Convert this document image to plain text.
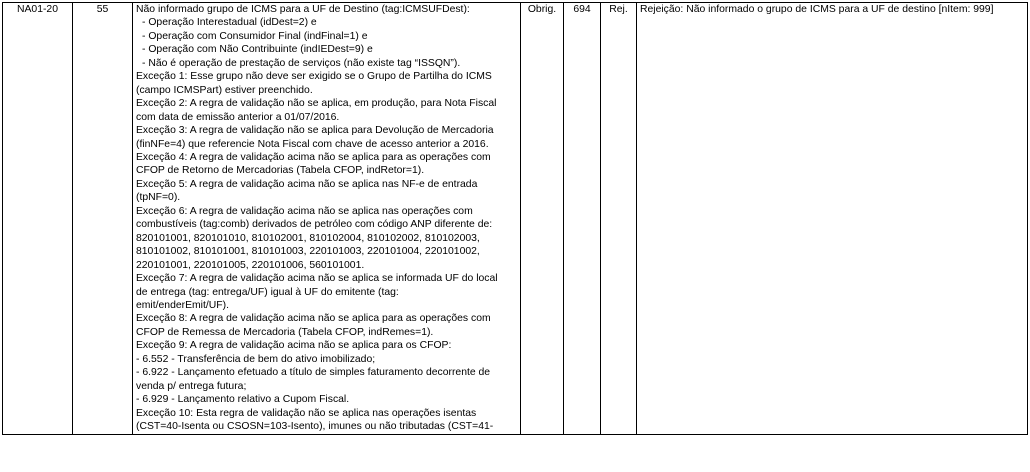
NA01-20	55	Não informado grupo de ICMS para a UF de Destino (tag:ICMSUFDest):
- Operação Interestadual (idDest=2) e
- Operação com Consumidor Final (indFinal=1) e
- Operação com Não Contribuinte (indIEDest=9) e
- Não é operação de prestação de serviços (não existe tag “ISSQN”).
Exceção 1: Esse grupo não deve ser exigido se o Grupo de Partilha do ICMS
(campo ICMSPart) estiver preenchido.
Exceção 2: A regra de validação não se aplica, em produção, para Nota Fiscal
com data de emissão anterior a 01/07/2016.
Exceção 3: A regra de validação não se aplica para Devolução de Mercadoria
(finNFe=4) que referencie Nota Fiscal com chave de acesso anterior a 2016.
Exceção 4: A regra de validação acima não se aplica para as operações com
CFOP de Retorno de Mercadorias (Tabela CFOP, indRetor=1).
Exceção 5: A regra de validação acima não se aplica nas NF-e de entrada
(tpNF=0).
Exceção 6: A regra de validação acima não se aplica nas operações com
combustíveis (tag:comb) derivados de petróleo com código ANP diferente de:
820101001, 820101010, 810102001, 810102004, 810102002, 810102003,
810101002, 810101001, 810101003, 220101003, 220101004, 220101002,
220101001, 220101005, 220101006, 560101001.
Exceção 7: A regra de validação acima não se aplica se informada UF do local
de entrega (tag: entrega/UF) igual à UF do emitente (tag:
emit/enderEmit/UF).
Exceção 8: A regra de validação acima não se aplica para as operações com
CFOP de Remessa de Mercadoria (Tabela CFOP, indRemes=1).
Exceção 9: A regra de validação acima não se aplica para os CFOP:
- 6.552 - Transferência de bem do ativo imobilizado;
- 6.922 - Lançamento efetuado a título de simples faturamento decorrente de
venda p/ entrega futura;
- 6.929 - Lançamento relativo a Cupom Fiscal.
Exceção 10: Esta regra de validação não se aplica nas operações isentas
(CST=40-Isenta ou CSOSN=103-Isento), imunes ou não tributadas (CST=41-
	Obrig.	694	Rej.	Rejeição: Não informado o grupo de ICMS para a UF de destino [nItem: 999]
